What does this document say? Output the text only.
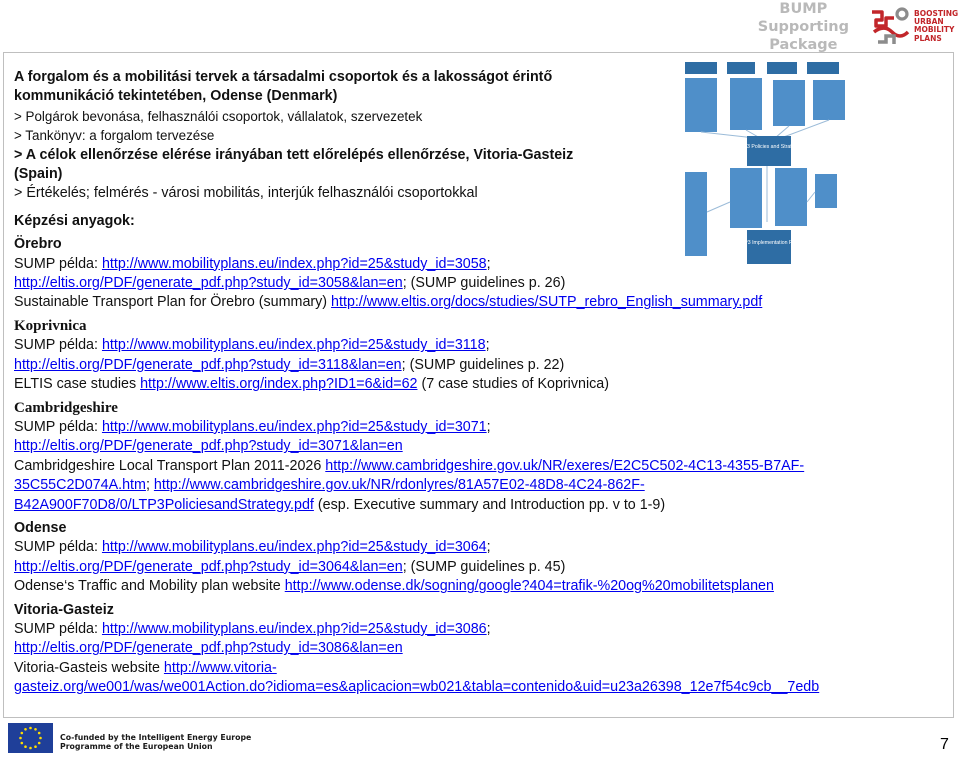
BUMP
Supporting
Package
BOOSTING
URBAN
MOBILITY
PLANS
LTP3 Policies and Strategy
LTP3 Implementation Plan
A forgalom és a mobilitási tervek a társadalmi csoportok és a lakosságot érintő
kommunikáció tekintetében, Odense (Denmark)
> Polgárok bevonása, felhasználói csoportok, vállalatok, szervezetek
> Tankönyv: a forgalom tervezése
> A célok ellenőrzése elérése irányában tett előrelépés ellenőrzése, Vitoria-Gasteiz
(Spain)
> Értékelés; felmérés - városi mobilitás, interjúk felhasználói csoportokkal
Képzési anyagok:
Örebro
SUMP példa: http://www.mobilityplans.eu/index.php?id=25&study_id=3058;
http://eltis.org/PDF/generate_pdf.php?study_id=3058&lan=en; (SUMP guidelines p. 26)
Sustainable Transport Plan for Örebro (summary) http://www.eltis.org/docs/studies/SUTP_rebro_English_summary.pdf
Koprivnica
SUMP példa: http://www.mobilityplans.eu/index.php?id=25&study_id=3118;
http://eltis.org/PDF/generate_pdf.php?study_id=3118&lan=en; (SUMP guidelines p. 22)
ELTIS case studies http://www.eltis.org/index.php?ID1=6&id=62 (7 case studies of Koprivnica)
Cambridgeshire
SUMP példa: http://www.mobilityplans.eu/index.php?id=25&study_id=3071;
http://eltis.org/PDF/generate_pdf.php?study_id=3071&lan=en
Cambridgeshire Local Transport Plan 2011-2026 http://www.cambridgeshire.gov.uk/NR/exeres/E2C5C502-4C13-4355-B7AF-
35C55C2D074A.htm; http://www.cambridgeshire.gov.uk/NR/rdonlyres/81A57E02-48D8-4C24-862F-
B42A900F70D8/0/LTP3PoliciesandStrategy.pdf (esp. Executive summary and Introduction pp. v to 1-9)
Odense
SUMP példa: http://www.mobilityplans.eu/index.php?id=25&study_id=3064;
http://eltis.org/PDF/generate_pdf.php?study_id=3064&lan=en; (SUMP guidelines p. 45)
Odense‘s Traffic and Mobility plan website http://www.odense.dk/sogning/google?404=trafik-%20og%20mobilitetsplanen
Vitoria-Gasteiz
SUMP példa: http://www.mobilityplans.eu/index.php?id=25&study_id=3086;
http://eltis.org/PDF/generate_pdf.php?study_id=3086&lan=en
Vitoria-Gasteis website http://www.vitoria-
gasteiz.org/we001/was/we001Action.do?idioma=es&aplicacion=wb021&tabla=contenido&uid=u23a26398_12e7f54c9cb__7edb
Co-funded by the Intelligent Energy Europe
Programme of the European Union	7
